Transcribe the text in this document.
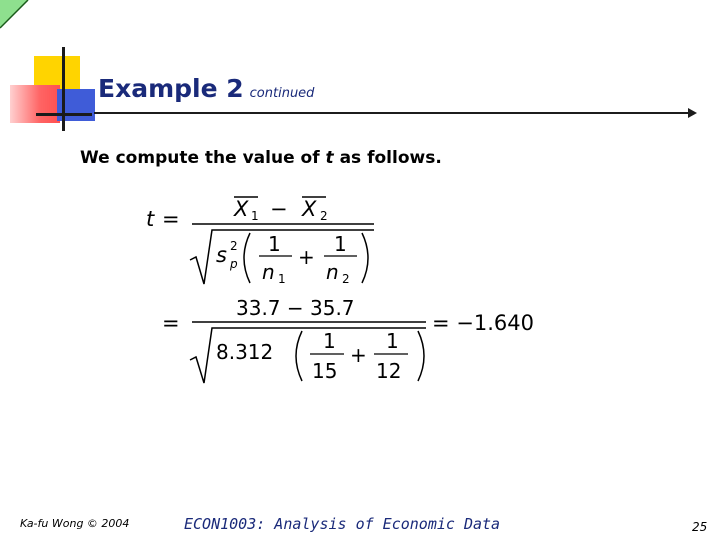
Example 2 continued
We compute the value of t as follows.
t =	X 1 − X 2
s 2
p
1
n 1
+
1
n 2
=
33.7 − 35.7
8.312 1
15
+
1
12
= −1.640
Ka-fu Wong © 2004	ECON1003: Analysis of Economic Data	25
